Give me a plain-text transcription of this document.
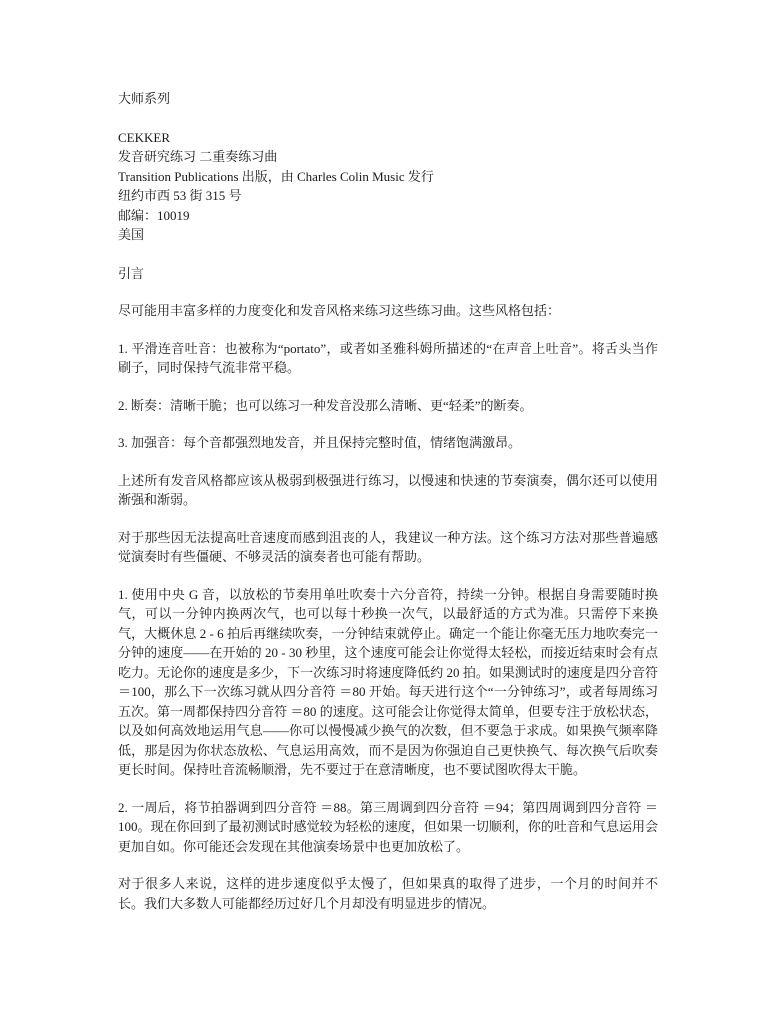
大师系列
CEKKER
发音研究练习 二重奏练习曲
Transition Publications 出版，由 Charles Colin Music 发行
纽约市西 53 街 315 号
邮编：10019
美国
引言

尽可能用丰富多样的力度变化和发音风格来练习这些练习曲。这些风格包括：

1. 平滑连音吐音：也被称为“portato”，或者如圣雅科姆所描述的“在声音上吐音”。将舌头当作刷子，同时保持气流非常平稳。

2. 断奏：清晰干脆；也可以练习一种发音没那么清晰、更“轻柔”的断奏。

3. 加强音：每个音都强烈地发音，并且保持完整时值，情绪饱满激昂。

上述所有发音风格都应该从极弱到极强进行练习，以慢速和快速的节奏演奏，偶尔还可以使用渐强和渐弱。

对于那些因无法提高吐音速度而感到沮丧的人，我建议一种方法。这个练习方法对那些普遍感觉演奏时有些僵硬、不够灵活的演奏者也可能有帮助。

1. 使用中央 G 音，以放松的节奏用单吐吹奏十六分音符，持续一分钟。根据自身需要随时换气，可以一分钟内换两次气，也可以每十秒换一次气，以最舒适的方式为准。只需停下来换气，大概休息 2 - 6 拍后再继续吹奏，一分钟结束就停止。确定一个能让你毫无压力地吹奏完一分钟的速度——在开始的 20 - 30 秒里，这个速度可能会让你觉得太轻松，而接近结束时会有点吃力。无论你的速度是多少，下一次练习时将速度降低约 20 拍。如果测试时的速度是四分音符 ＝100，那么下一次练习就从四分音符 ＝80 开始。每天进行这个“一分钟练习”，或者每周练习五次。第一周都保持四分音符 ＝80 的速度。这可能会让你觉得太简单，但要专注于放松状态，以及如何高效地运用气息——你可以慢慢减少换气的次数，但不要急于求成。如果换气频率降低，那是因为你状态放松、气息运用高效，而不是因为你强迫自己更快换气、每次换气后吹奏更长时间。保持吐音流畅顺滑，先不要过于在意清晰度，也不要试图吹得太干脆。

2. 一周后，将节拍器调到四分音符 ＝88。第三周调到四分音符 ＝94；第四周调到四分音符 ＝100。现在你回到了最初测试时感觉较为轻松的速度，但如果一切顺利，你的吐音和气息运用会更加自如。你可能还会发现在其他演奏场景中也更加放松了。

对于很多人来说，这样的进步速度似乎太慢了，但如果真的取得了进步，一个月的时间并不长。我们大多数人可能都经历过好几个月却没有明显进步的情况。
